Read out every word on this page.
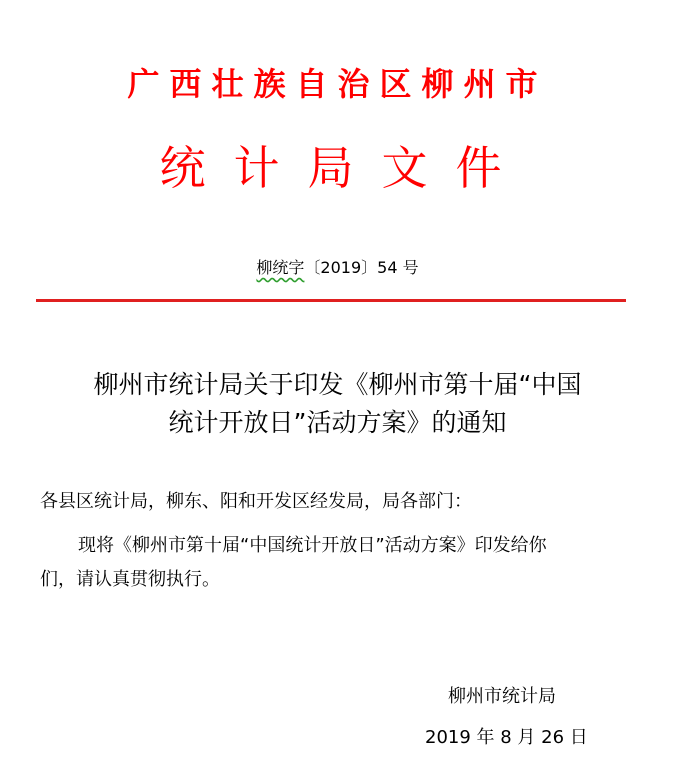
广西壮族自治区柳州市
统计局文件
柳统字〔2019〕54 号
柳州市统计局关于印发《柳州市第十届“中国
统计开放日”活动方案》的通知
各县区统计局，柳东、阳和开发区经发局，局各部门：
现将《柳州市第十届“中国统计开放日”活动方案》印发给你
们，请认真贯彻执行。
柳州市统计局
2019 年 8 月 26 日
